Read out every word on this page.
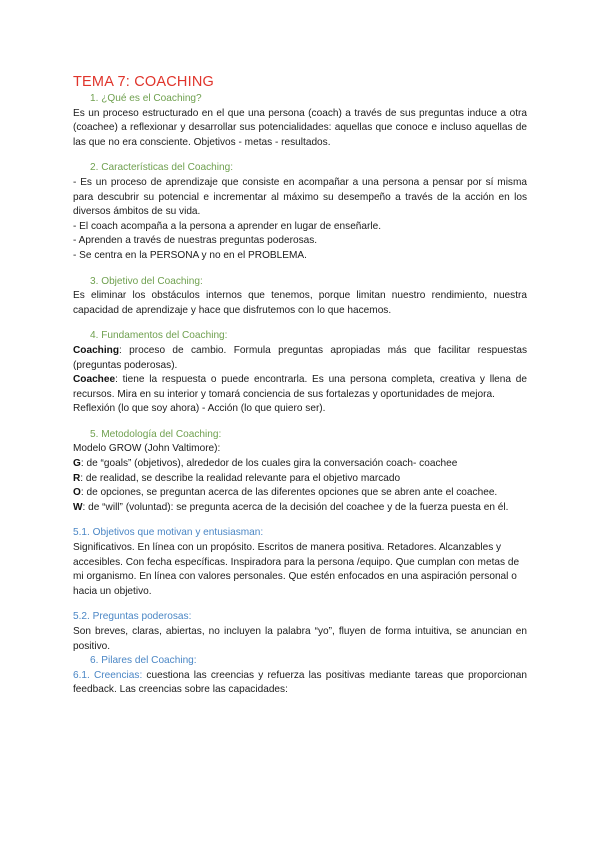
TEMA 7: COACHING
1. ¿Qué es el Coaching?

Es un proceso estructurado en el que una persona (coach) a través de sus preguntas induce a otra (coachee) a reflexionar y desarrollar sus potencialidades: aquellas que conoce e incluso aquellas de las que no era consciente. Objetivos - metas - resultados.

2. Características del Coaching:

- Es un proceso de aprendizaje que consiste en acompañar a una persona a pensar por sí misma para descubrir su potencial e incrementar al máximo su desempeño a través de la acción en los diversos ámbitos de su vida.

- El coach acompaña a la persona a aprender en lugar de enseñarle.

- Aprenden a través de nuestras preguntas poderosas.

- Se centra en la PERSONA y no en el PROBLEMA.

3. Objetivo del Coaching:

Es eliminar los obstáculos internos que tenemos, porque limitan nuestro rendimiento, nuestra capacidad de aprendizaje y hace que disfrutemos con lo que hacemos.

4. Fundamentos del Coaching:

Coaching: proceso de cambio. Formula preguntas apropiadas más que facilitar respuestas (preguntas poderosas).

Coachee: tiene la respuesta o puede encontrarla. Es una persona completa, creativa y llena de recursos. Mira en su interior y tomará conciencia de sus fortalezas y oportunidades de mejora.

Reflexión (lo que soy ahora) - Acción (lo que quiero ser).

5. Metodología del Coaching:

Modelo GROW (John Valtimore):

G: de “goals” (objetivos), alrededor de los cuales gira la conversación coach- coachee

R: de realidad, se describe la realidad relevante para el objetivo marcado

O: de opciones, se preguntan acerca de las diferentes opciones que se abren ante el coachee.

W: de “will” (voluntad): se pregunta acerca de la decisión del coachee y de la fuerza puesta en él.

5.1. Objetivos que motivan y entusiasman:

Significativos. En línea con un propósito. Escritos de manera positiva. Retadores. Alcanzables y accesibles. Con fecha específicas. Inspiradora para la persona /equipo. Que cumplan con metas de mi organismo. En línea con valores personales. Que estén enfocados en una aspiración personal o hacia un objetivo.

5.2. Preguntas poderosas:

Son breves, claras, abiertas, no incluyen la palabra “yo”, fluyen de forma intuitiva, se anuncian en positivo.

6. Pilares del Coaching:

6.1. Creencias: cuestiona las creencias y refuerza las positivas mediante tareas que proporcionan feedback. Las creencias sobre las capacidades:
